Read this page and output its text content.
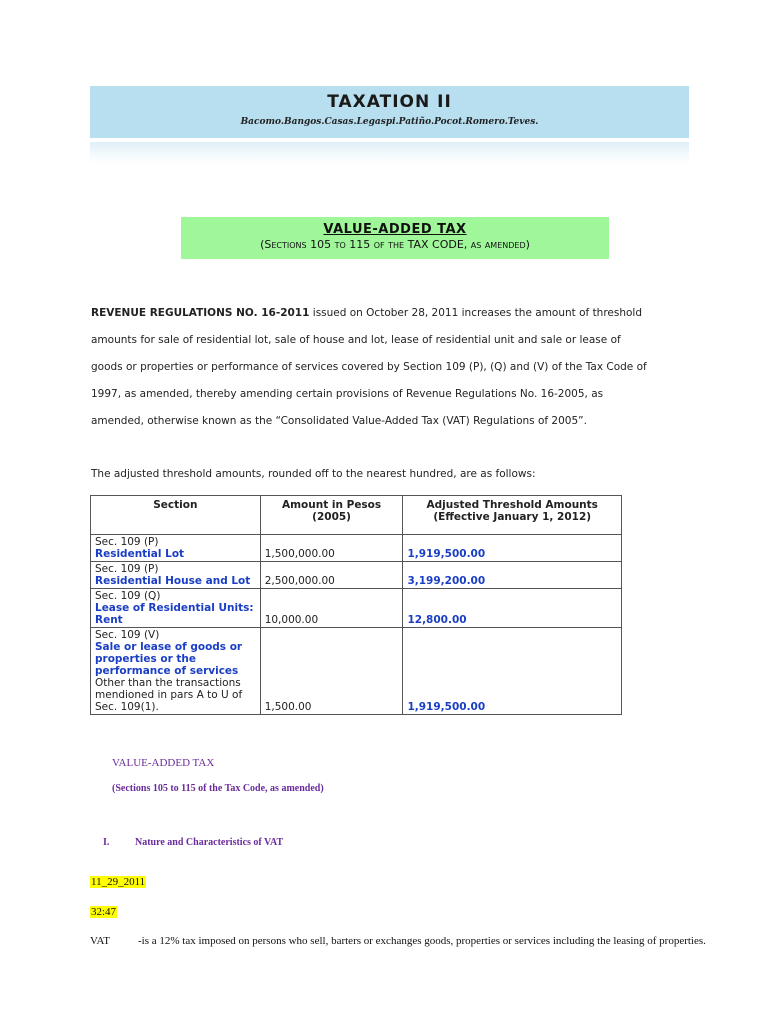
TAXATION II
Bacomo.Bangos.Casas.Legaspi.Patiño.Pocot.Romero.Teves.
VALUE-ADDED TAX
(Sections 105 to 115 of the TAX CODE, as amended)

REVENUE REGULATIONS NO. 16-2011 issued on October 28, 2011 increases the amount of threshold amounts for sale of residential lot, sale of house and lot, lease of residential unit and sale or lease of goods or properties or performance of services covered by Section 109 (P), (Q) and (V) of the Tax Code of 1997, as amended, thereby amending certain provisions of Revenue Regulations No. 16-2005, as amended, otherwise known as the “Consolidated Value-Added Tax (VAT) Regulations of 2005”.

The adjusted threshold amounts, rounded off to the nearest hundred, are as follows:
Section	Amount in Pesos (2005)	Adjusted Threshold Amounts (Effective January 1, 2012)

Sec. 109 (P)
Residential Lot	1,500,000.00	1,919,500.00

Sec. 109 (P)
Residential House and Lot	2,500,000.00	3,199,200.00

Sec. 109 (Q)
Lease of Residential Units: Rent	10,000.00	12,800.00

Sec. 109 (V)
Sale or lease of goods or properties or the performance of services
Other than the transactions mendioned in pars A to U of Sec. 109(1).	1,500.00	1,919,500.00
VALUE-ADDED TAX
(Sections 105 to 115 of the Tax Code, as amended)
I.	Nature and Characteristics of VAT
11_29_2011
32:47
VAT	-is a 12% tax imposed on persons who sell, barters or exchanges goods, properties or services including the leasing of properties.
